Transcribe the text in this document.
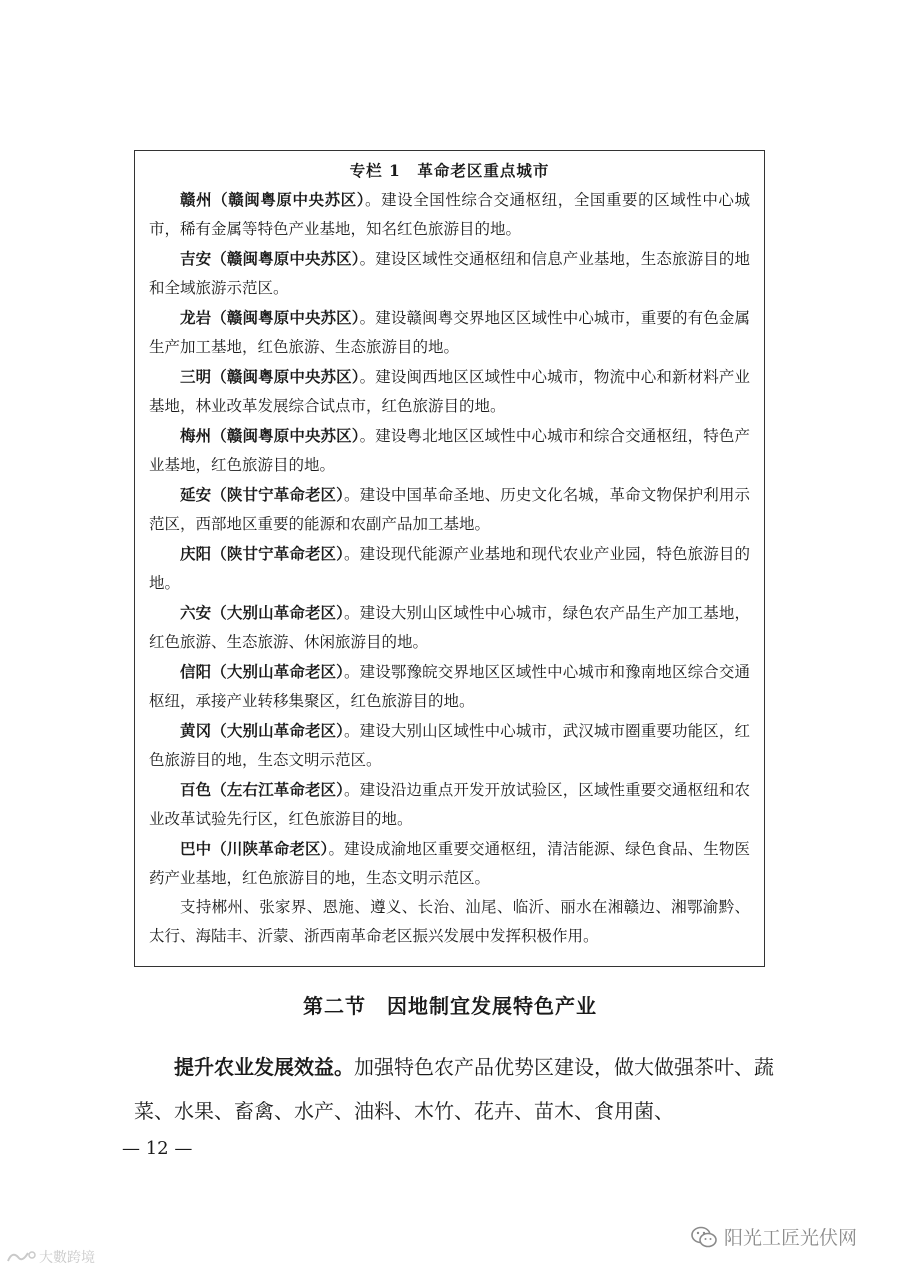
专栏 1　革命老区重点城市
赣州（赣闽粤原中央苏区）。建设全国性综合交通枢纽，全国重要的区域性中心城市，稀有金属等特色产业基地，知名红色旅游目的地。
吉安（赣闽粤原中央苏区）。建设区域性交通枢纽和信息产业基地，生态旅游目的地和全域旅游示范区。
龙岩（赣闽粤原中央苏区）。建设赣闽粤交界地区区域性中心城市，重要的有色金属生产加工基地，红色旅游、生态旅游目的地。
三明（赣闽粤原中央苏区）。建设闽西地区区域性中心城市，物流中心和新材料产业基地，林业改革发展综合试点市，红色旅游目的地。
梅州（赣闽粤原中央苏区）。建设粤北地区区域性中心城市和综合交通枢纽，特色产业基地，红色旅游目的地。
延安（陕甘宁革命老区）。建设中国革命圣地、历史文化名城，革命文物保护利用示范区，西部地区重要的能源和农副产品加工基地。
庆阳（陕甘宁革命老区）。建设现代能源产业基地和现代农业产业园，特色旅游目的地。
六安（大别山革命老区）。建设大别山区域性中心城市，绿色农产品生产加工基地，红色旅游、生态旅游、休闲旅游目的地。
信阳（大别山革命老区）。建设鄂豫皖交界地区区域性中心城市和豫南地区综合交通枢纽，承接产业转移集聚区，红色旅游目的地。
黄冈（大别山革命老区）。建设大别山区域性中心城市，武汉城市圈重要功能区，红色旅游目的地，生态文明示范区。
百色（左右江革命老区）。建设沿边重点开发开放试验区，区域性重要交通枢纽和农业改革试验先行区，红色旅游目的地。
巴中（川陕革命老区）。建设成渝地区重要交通枢纽，清洁能源、绿色食品、生物医药产业基地，红色旅游目的地，生态文明示范区。
支持郴州、张家界、恩施、遵义、长治、汕尾、临沂、丽水在湘赣边、湘鄂渝黔、太行、海陆丰、沂蒙、浙西南革命老区振兴发展中发挥积极作用。
第二节　因地制宜发展特色产业
提升农业发展效益。加强特色农产品优势区建设，做大做强茶叶、蔬菜、水果、畜禽、水产、油料、木竹、花卉、苗木、食用菌、
— 12 —
大數跨境
阳光工匠光伏网
